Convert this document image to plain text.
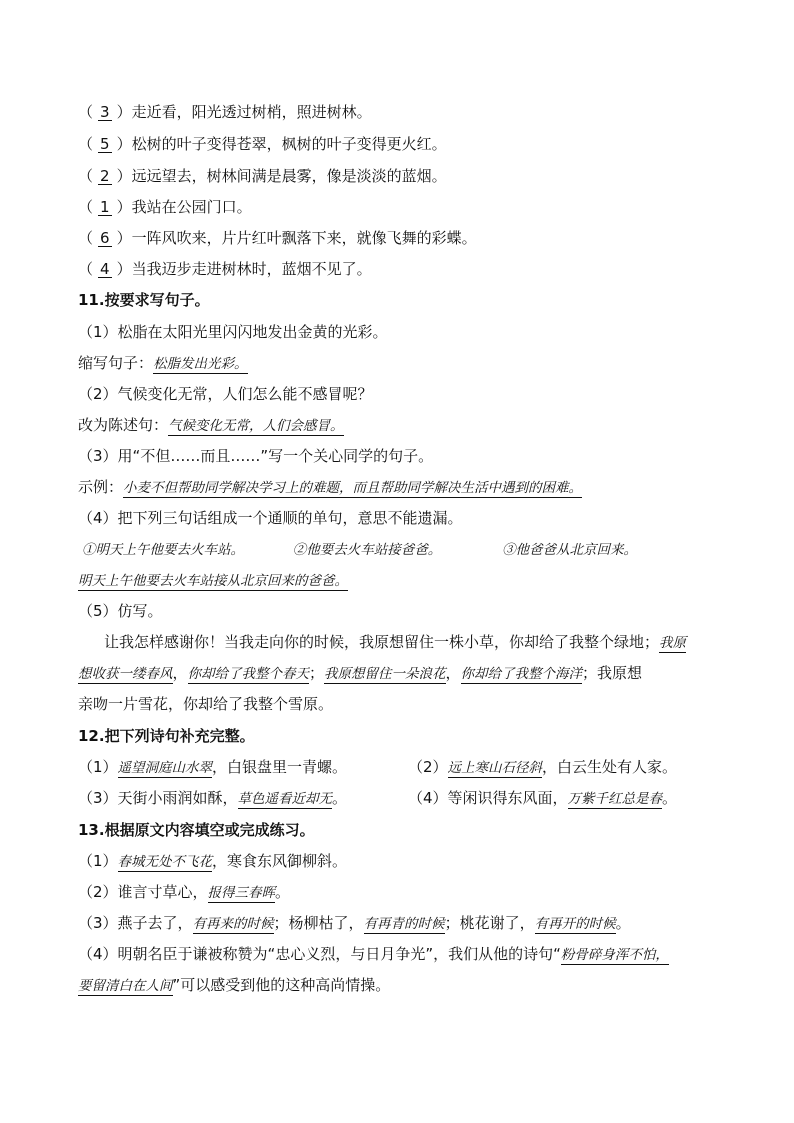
（ 3 ）走近看，阳光透过树梢，照进树林。
（ 5 ）松树的叶子变得苍翠，枫树的叶子变得更火红。
（ 2 ）远远望去，树林间满是晨雾，像是淡淡的蓝烟。
（ 1 ）我站在公园门口。
（ 6 ）一阵风吹来，片片红叶飘落下来，就像飞舞的彩蝶。
（ 4 ）当我迈步走进树林时，蓝烟不见了。
11.按要求写句子。
（1）松脂在太阳光里闪闪地发出金黄的光彩。
缩写句子：松脂发出光彩。
（2）气候变化无常，人们怎么能不感冒呢？
改为陈述句：气候变化无常，人们会感冒。
（3）用“不但……而且……”写一个关心同学的句子。
示例：小麦不但帮助同学解决学习上的难题，而且帮助同学解决生活中遇到的困难。
（4）把下列三句话组成一个通顺的单句，意思不能遗漏。
①明天上午他要去火车站。	②他要去火车站接爸爸。	③他爸爸从北京回来。
明天上午他要去火车站接从北京回来的爸爸。
（5）仿写。
让我怎样感谢你！当我走向你的时候，我原想留住一株小草，你却给了我整个绿地；我原
想收获一缕春风，你却给了我整个春天；我原想留住一朵浪花，你却给了我整个海洋；我原想
亲吻一片雪花，你却给了我整个雪原。
12.把下列诗句补充完整。
（1）遥望洞庭山水翠，白银盘里一青螺。	（2）远上寒山石径斜，白云生处有人家。
（3）天街小雨润如酥，草色遥看近却无。	（4）等闲识得东风面，万紫千红总是春。
13.根据原文内容填空或完成练习。
（1）春城无处不飞花，寒食东风御柳斜。
（2）谁言寸草心，报得三春晖。
（3）燕子去了，有再来的时候；杨柳枯了，有再青的时候；桃花谢了，有再开的时候。
（4）明朝名臣于谦被称赞为“忠心义烈，与日月争光”，我们从他的诗句“粉骨碎身浑不怕，
要留清白在人间”可以感受到他的这种高尚情操。
